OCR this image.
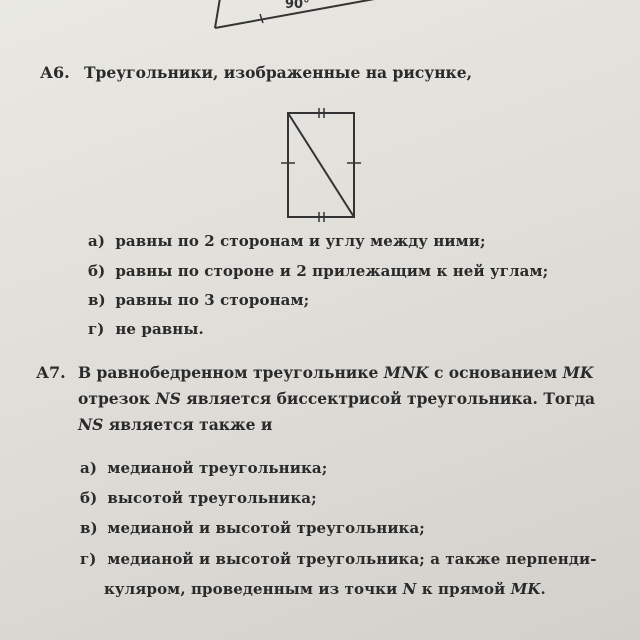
90°
А6. Треугольники, изображенные на рисунке,
а) равны по 2 сторонам и углу между ними;
б) равны по стороне и 2 прилежащим к ней углам;
в) равны по 3 сторонам;
г) не равны.
А7. В равнобедренном треугольнике MNK с основанием MK
отрезок NS является биссектрисой треугольника. Тогда
NS является также и
а) медианой треугольника;
б) высотой треугольника;
в) медианой и высотой треугольника;
г) медианой и высотой треугольника; а также перпенди-
куляром, проведенным из точки N к прямой MK.
